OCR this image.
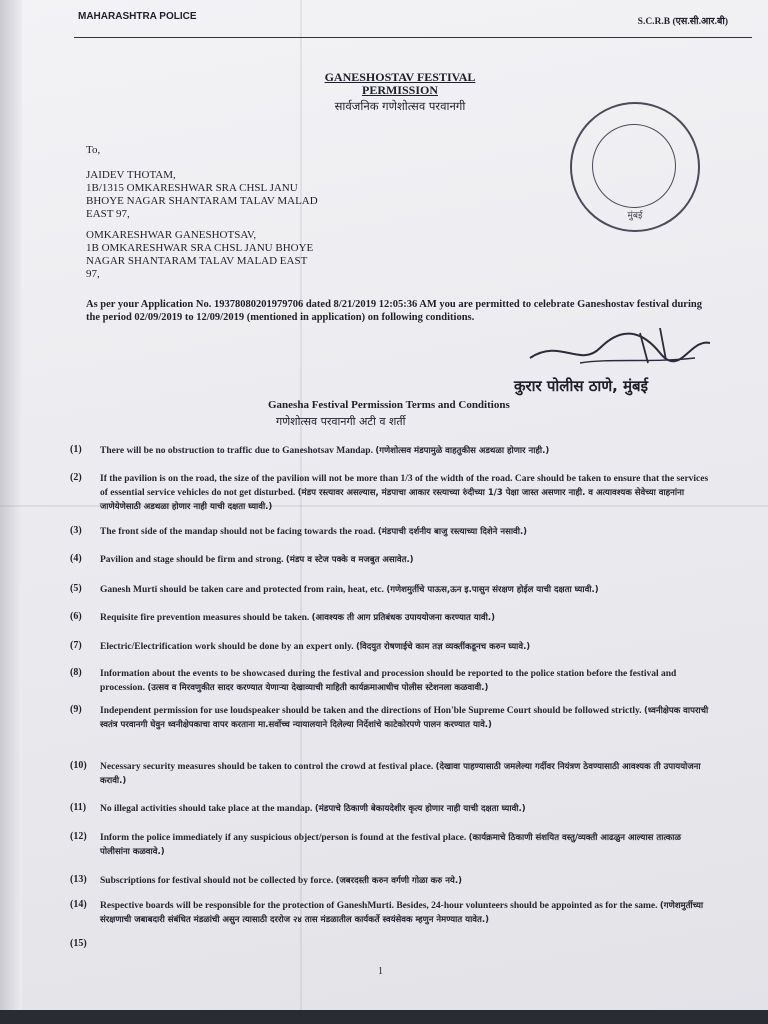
MAHARASHTRA POLICE	S.C.R.B (एस.सी.आर.बी)
GANESHOSTAV FESTIVAL
PERMISSION
सार्वजनिक गणेशोत्सव परवानगी
मुंबई
To,
JAIDEV THOTAM,
1B/1315 OMKARESHWAR SRA CHSL JANU
BHOYE NAGAR SHANTARAM TALAV MALAD
EAST 97,
OMKARESHWAR GANESHOTSAV,
1B OMKARESHWAR SRA CHSL JANU BHOYE
NAGAR SHANTARAM TALAV MALAD EAST
97,
As per your Application No. 19378080201979706 dated 8/21/2019 12:05:36 AM you are permitted to celebrate Ganeshostav festival during the period 02/09/2019 to 12/09/2019 (mentioned in application) on following conditions.
कुरार पोलीस ठाणे, मुंबई
Ganesha Festival Permission Terms and Conditions
गणेशोत्सव परवानगी अटी व शर्ती
(1) There will be no obstruction to traffic due to Ganeshotsav Mandap. (गणेशोत्सव मंडपामुळे वाहतुकीस अडथळा होणार नाही.)
(2) If the pavilion is on the road, the size of the pavilion will not be more than 1/3 of the width of the road. Care should be taken to ensure that the services of essential service vehicles do not get disturbed. (मंडप रस्त्यावर असल्यास, मंडपाचा आकार रस्त्याच्या रुंदीच्या 1/3 पेक्षा जास्त असणार नाही. व अत्यावश्यक सेवेच्या वाहनांना जाणेयेणेसाठी अडथळा होणार नाही याची दक्षता घ्यावी.)
(3) The front side of the mandap should not be facing towards the road. (मंडपाची दर्शनीय बाजु रस्त्याच्या दिशेने नसावी.)
(4) Pavilion and stage should be firm and strong. (मंडप व स्टेज पक्के व मजबुत असावेत.)
(5) Ganesh Murti should be taken care and protected from rain, heat, etc. (गणेशमुर्तीचे पाऊस,ऊन इ.पासुन संरक्षण होईल याची दक्षता घ्यावी.)
(6) Requisite fire prevention measures should be taken. (आवश्यक ती आग प्रतिबंधक उपाययोजना करण्यात यावी.)
(7) Electric/Electrification work should be done by an expert only. (विदयुत रोषणाईचे काम तज्ञ व्यक्तींकडूनच करुन घ्यावे.)
(8) Information about the events to be showcased during the festival and procession should be reported to the police station before the festival and procession. (उत्सव व मिरवणुकीत सादर करण्यात येणाऱ्या देखाव्याची माहिती कार्यक्रमाआधीच पोलीस स्टेशनला कळवावी.)
(9) Independent permission for use loudspeaker should be taken and the directions of Hon'ble Supreme Court should be followed strictly. (ध्वनीक्षेपक वापराची स्वतंत्र परवानगी घेवुन ध्वनीक्षेपकाचा वापर करताना मा.सर्वोच्च न्यायालयाने दिलेल्या निर्देशांचे काटेकोरपणे पालन करण्यात यावे.)
(10) Necessary security measures should be taken to control the crowd at festival place. (देखावा पाहण्यासाठी जमलेल्या गर्दीवर नियंत्रण ठेवण्यासाठी आवश्यक ती उपाययोजना करावी.)
(11) No illegal activities should take place at the mandap. (मंडपाचे ठिकाणी बेकायदेशीर कृत्य होणार नाही याची दक्षता घ्यावी.)
(12) Inform the police immediately if any suspicious object/person is found at the festival place. (कार्यक्रमाचे ठिकाणी संशयित वस्तु/व्यक्ती आढळुन आल्यास तात्काळ पोलीसांना कळवावे.)
(13) Subscriptions for festival should not be collected by force. (जबरदस्ती करुन वर्गणी गोळा करु नये.)
(14) Respective boards will be responsible for the protection of GaneshMurti. Besides, 24-hour volunteers should be appointed as for the same. (गणेशमुर्तीच्या संरक्षणाची जबाबदारी संबंधित मंडळांची असुन त्यासाठी दररोज २४ तास मंडळातील कार्यकर्ते स्वयंसेवक म्हणुन नेमण्यात यावेत.)
(15)
1
